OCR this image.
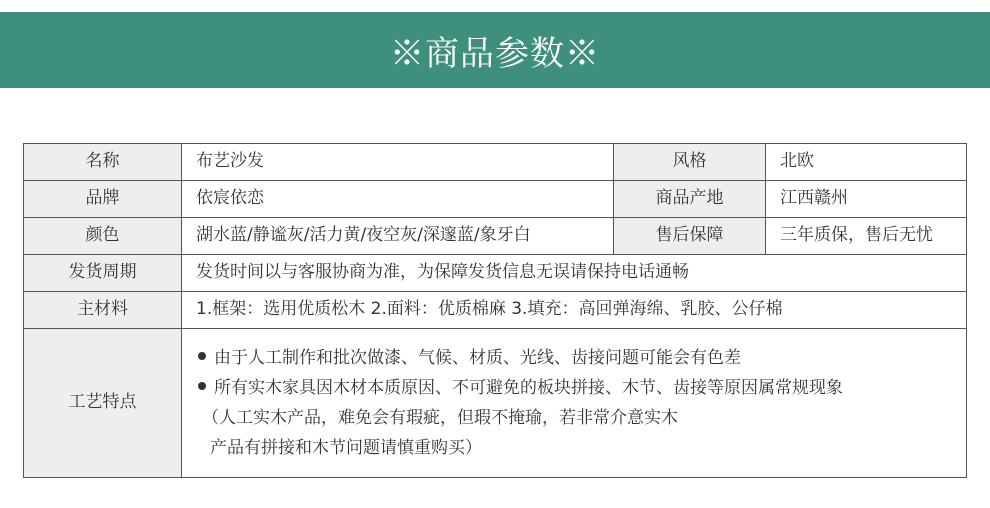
※商品参数※
名称	布艺沙发	风格	北欧
品牌	依宸依恋	商品产地	江西赣州
颜色	湖水蓝/静谧灰/活力黄/夜空灰/深邃蓝/象牙白	售后保障	三年质保，售后无忧
发货周期	发货时间以与客服协商为准，为保障发货信息无误请保持电话通畅		
主材料	1.框架：选用优质松木 2.面料：优质棉麻 3.填充：高回弹海绵、乳胶、公仔棉		
工艺特点	由于人工制作和批次做漆、气候、材质、光线、齿接问题可能会有色差
所有实木家具因木材本质原因、不可避免的板块拼接、木节、齿接等原因属常规现象
（人工实木产品，难免会有瑕疵，但瑕不掩瑜，若非常介意实木
产品有拼接和木节问题请慎重购买）		
